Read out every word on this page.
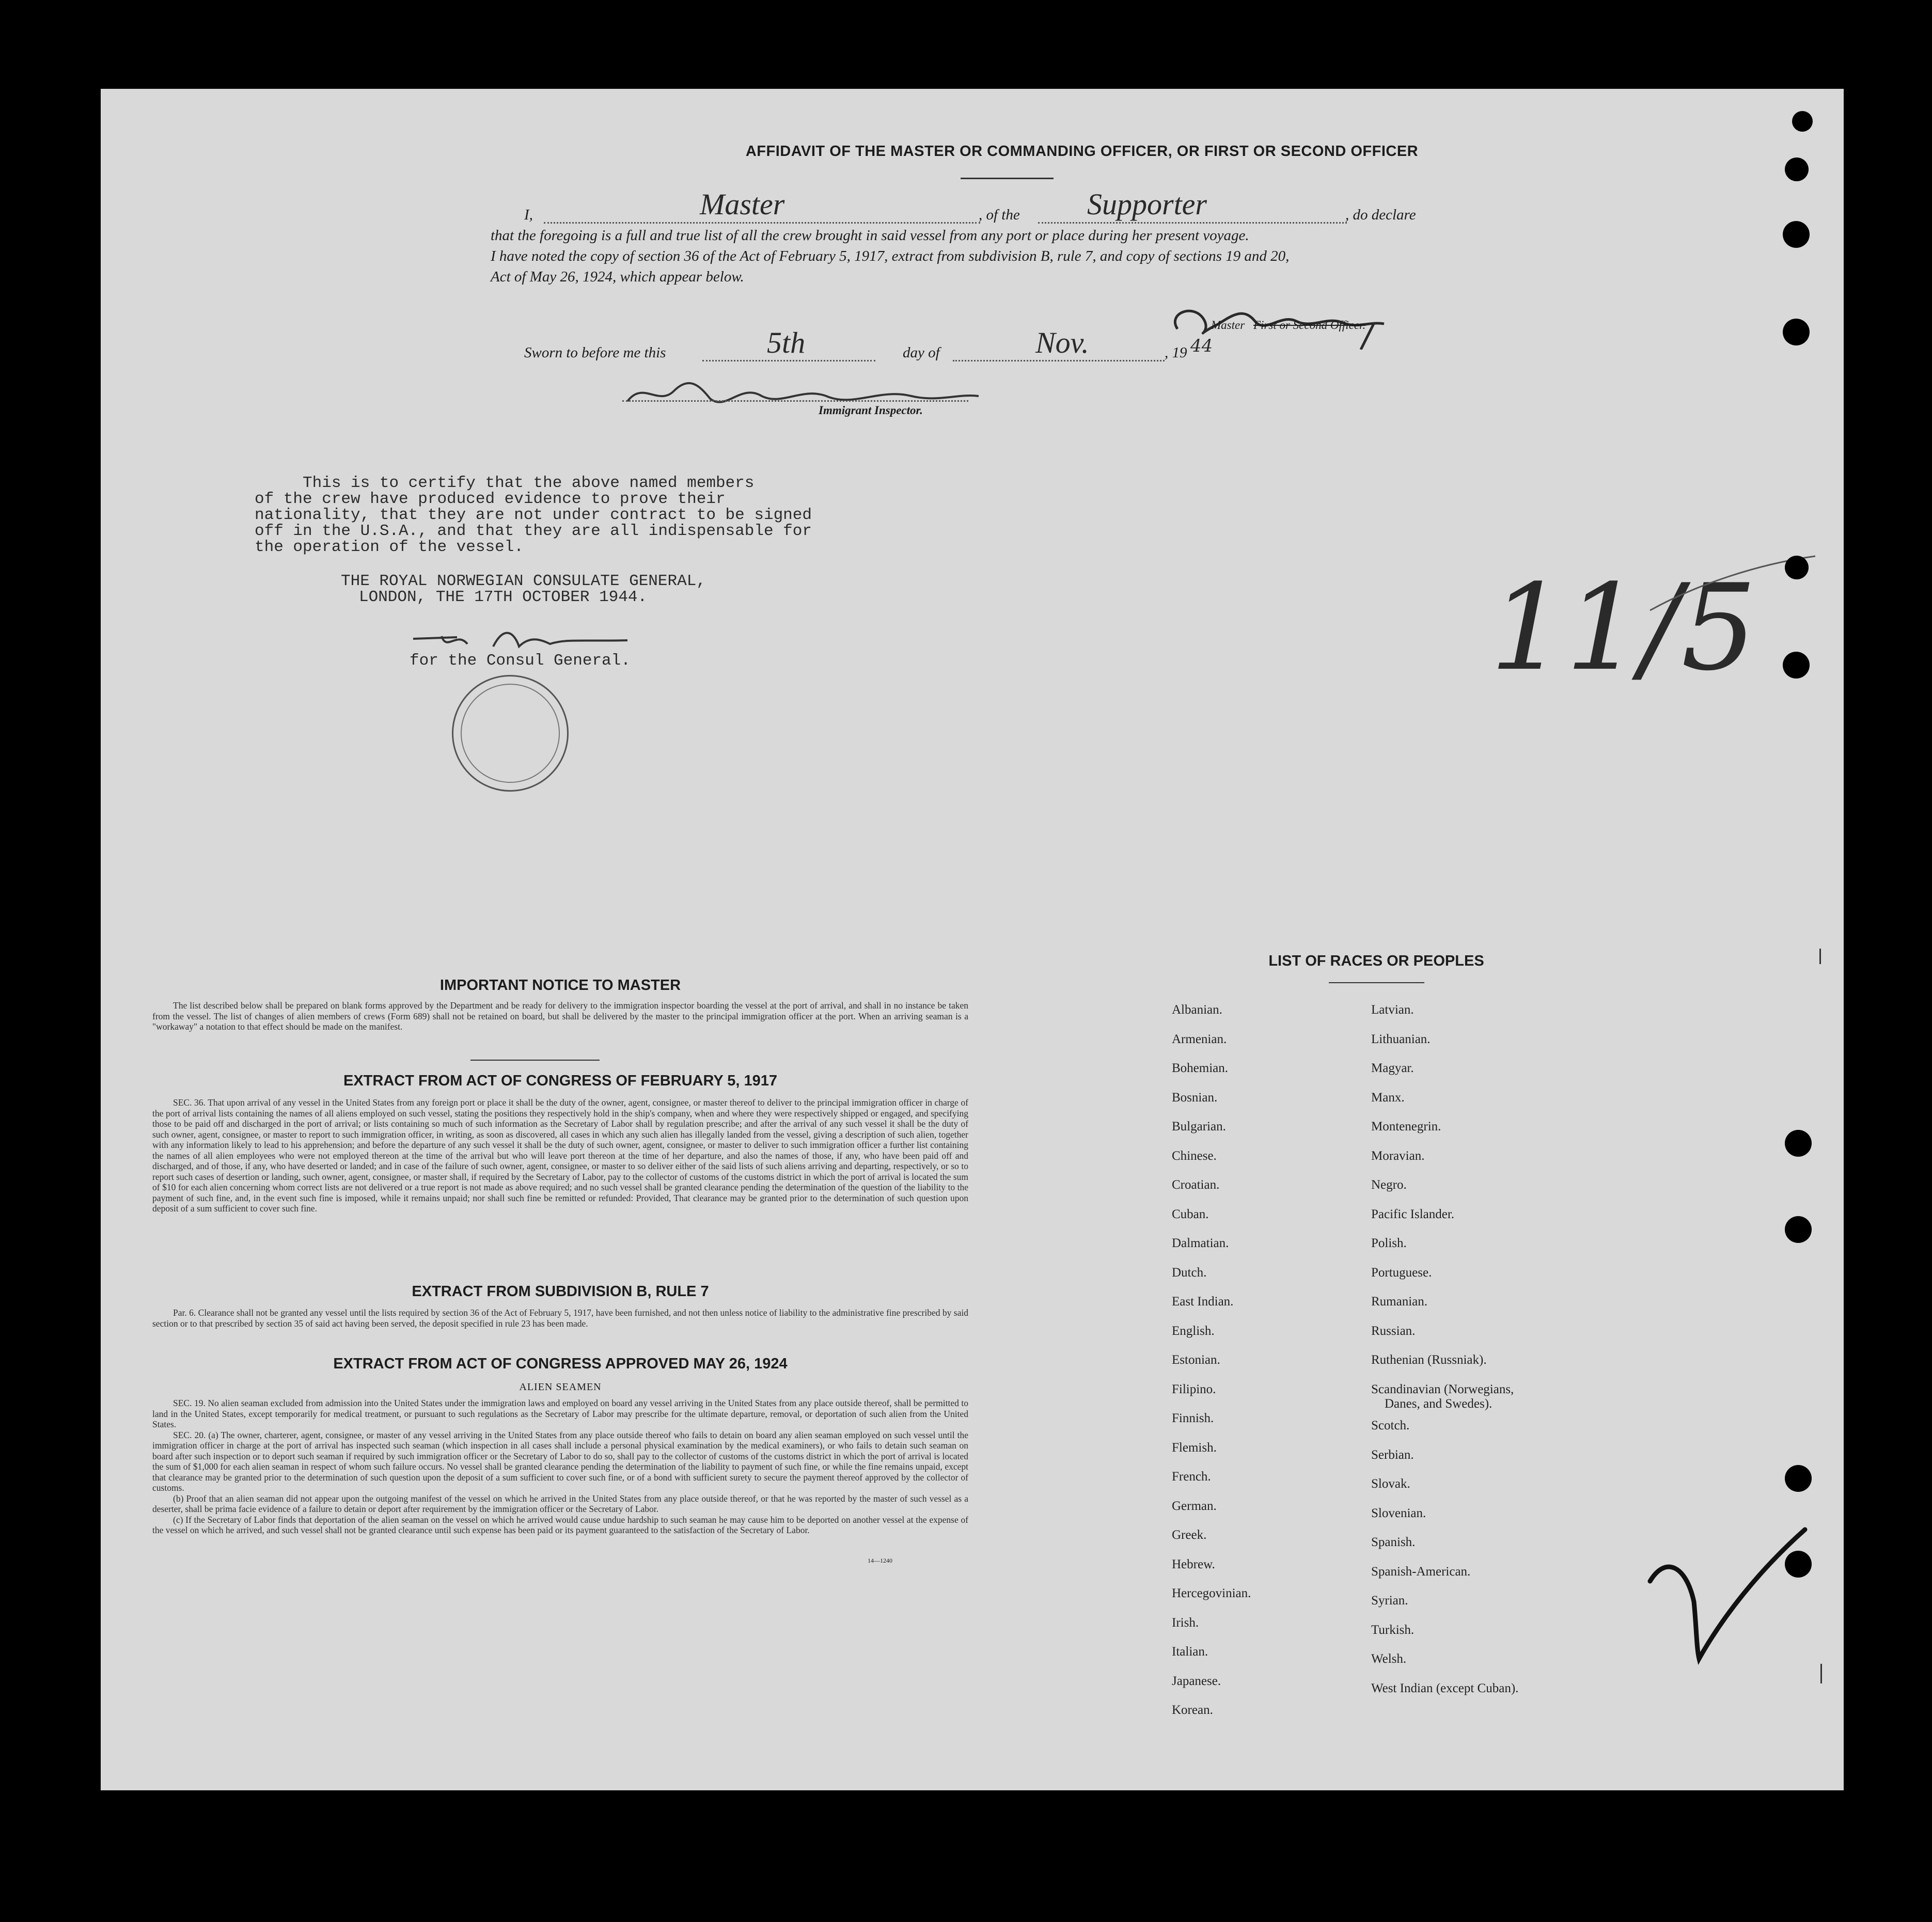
AFFIDAVIT OF THE MASTER OR COMMANDING OFFICER, OR FIRST OR SECOND OFFICER
I,	Master	, of the Supporter	, do declare
that the foregoing is a full and true list of all the crew brought in said vessel from any port or place during her present voyage.
I have noted the copy of section 36 of the Act of February 5, 1917, extract from subdivision B, rule 7, and copy of sections 19 and 20,
Act of May 26, 1924, which appear below.
Master First or Second Officer.
Sworn to before me this	5th	day of	Nov.	, 19 44
Immigrant Inspector.
This is to certify that the above named members
of the crew have produced evidence to prove their
nationality, that they are not under contract to be signed
off in the U.S.A., and that they are all indispensable for
the operation of the vessel.
THE ROYAL NORWEGIAN CONSULATE GENERAL,
LONDON, THE 17TH OCTOBER 1944.
for the Consul General.	11/5
IMPORTANT NOTICE TO MASTER

The list described below shall be prepared on blank forms approved by the Department and be ready for delivery to the immigration inspector boarding the vessel at the port of arrival, and shall in no instance be taken from the vessel. The list of changes of alien members of crews (Form 689) shall not be retained on board, but shall be delivered by the master to the principal immigration officer at the port. When an arriving seaman is a "workaway" a notation to that effect should be made on the manifest.

EXTRACT FROM ACT OF CONGRESS OF FEBRUARY 5, 1917

SEC. 36. That upon arrival of any vessel in the United States from any foreign port or place it shall be the duty of the owner, agent, consignee, or master thereof to deliver to the principal immigration officer in charge of the port of arrival lists containing the names of all aliens employed on such vessel, stating the positions they respectively hold in the ship's company, when and where they were respectively shipped or engaged, and specifying those to be paid off and discharged in the port of arrival; or lists containing so much of such information as the Secretary of Labor shall by regulation prescribe; and after the arrival of any such vessel it shall be the duty of such owner, agent, consignee, or master to report to such immigration officer, in writing, as soon as discovered, all cases in which any such alien has illegally landed from the vessel, giving a description of such alien, together with any information likely to lead to his apprehension; and before the departure of any such vessel it shall be the duty of such owner, agent, consignee, or master to deliver to such immigration officer a further list containing the names of all alien employees who were not employed thereon at the time of the arrival but who will leave port thereon at the time of her departure, and also the names of those, if any, who have been paid off and discharged, and of those, if any, who have deserted or landed; and in case of the failure of such owner, agent, consignee, or master to so deliver either of the said lists of such aliens arriving and departing, respectively, or so to report such cases of desertion or landing, such owner, agent, consignee, or master shall, if required by the Secretary of Labor, pay to the collector of customs of the customs district in which the port of arrival is located the sum of $10 for each alien concerning whom correct lists are not delivered or a true report is not made as above required; and no such vessel shall be granted clearance pending the determination of the question of the liability to the payment of such fine, and, in the event such fine is imposed, while it remains unpaid; nor shall such fine be remitted or refunded: Provided, That clearance may be granted prior to the determination of such question upon deposit of a sum sufficient to cover such fine.

EXTRACT FROM SUBDIVISION B, RULE 7

Par. 6. Clearance shall not be granted any vessel until the lists required by section 36 of the Act of February 5, 1917, have been furnished, and not then unless notice of liability to the administrative fine prescribed by said section or to that prescribed by section 35 of said act having been served, the deposit specified in rule 23 has been made.

EXTRACT FROM ACT OF CONGRESS APPROVED MAY 26, 1924
ALIEN SEAMEN

SEC. 19. No alien seaman excluded from admission into the United States under the immigration laws and employed on board any vessel arriving in the United States from any place outside thereof, shall be permitted to land in the United States, except temporarily for medical treatment, or pursuant to such regulations as the Secretary of Labor may prescribe for the ultimate departure, removal, or deportation of such alien from the United States.

SEC. 20. (a) The owner, charterer, agent, consignee, or master of any vessel arriving in the United States from any place outside thereof who fails to detain on board any alien seaman employed on such vessel until the immigration officer in charge at the port of arrival has inspected such seaman (which inspection in all cases shall include a personal physical examination by the medical examiners), or who fails to detain such seaman on board after such inspection or to deport such seaman if required by such immigration officer or the Secretary of Labor to do so, shall pay to the collector of customs of the customs district in which the port of arrival is located the sum of $1,000 for each alien seaman in respect of whom such failure occurs. No vessel shall be granted clearance pending the determination of the liability to payment of such fine, or while the fine remains unpaid, except that clearance may be granted prior to the determination of such question upon the deposit of a sum sufficient to cover such fine, or of a bond with sufficient surety to secure the payment thereof approved by the collector of customs.

(b) Proof that an alien seaman did not appear upon the outgoing manifest of the vessel on which he arrived in the United States from any place outside thereof, or that he was reported by the master of such vessel as a deserter, shall be prima facie evidence of a failure to detain or deport after requirement by the immigration officer or the Secretary of Labor.

(c) If the Secretary of Labor finds that deportation of the alien seaman on the vessel on which he arrived would cause undue hardship to such seaman he may cause him to be deported on another vessel at the expense of the vessel on which he arrived, and such vessel shall not be granted clearance until such expense has been paid or its payment guaranteed to the satisfaction of the Secretary of Labor.

14—1240
LIST OF RACES OR PEOPLES
Albanian.
Armenian.
Bohemian.
Bosnian.
Bulgarian.
Chinese.
Croatian.
Cuban.
Dalmatian.
Dutch.
East Indian.
English.
Estonian.
Filipino.
Finnish.
Flemish.
French.
German.
Greek.
Hebrew.
Hercegovinian.
Irish.
Italian.
Japanese.
Korean.
Latvian.
Lithuanian.
Magyar.
Manx.
Montenegrin.
Moravian.
Negro.
Pacific Islander.
Polish.
Portuguese.
Rumanian.
Russian.
Ruthenian (Russniak).
Scandinavian (Norwegians,
Scotch.
Serbian.
Slovak.
Slovenian.
Spanish.
Spanish-American.
Syrian.
Turkish.
Welsh.
West Indian (except Cuban).
Danes, and Swedes).
